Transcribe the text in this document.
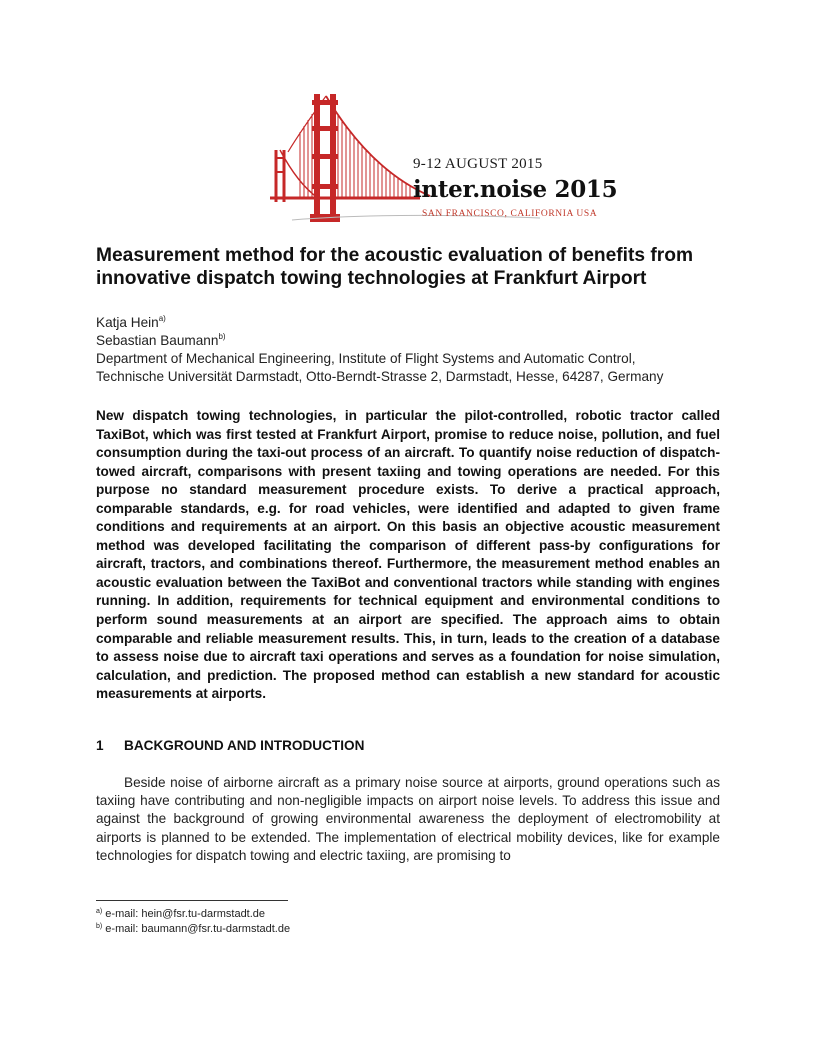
9-12 AUGUST 2015
inter.noise 2015
SAN FRANCISCO, CALIFORNIA USA
Measurement method for the acoustic evaluation of benefits from
innovative dispatch towing technologies at Frankfurt Airport
Katja Hein$^{a)}$
Sebastian Baumann$^{b)}$
Department of Mechanical Engineering, Institute of Flight Systems and Automatic Control,
Technische Universität Darmstadt, Otto-Berndt-Strasse 2, Darmstadt, Hesse, 64287, Germany

New dispatch towing technologies, in particular the pilot-controlled, robotic tractor called TaxiBot, which was first tested at Frankfurt Airport, promise to reduce noise, pollution, and fuel consumption during the taxi-out process of an aircraft. To quantify noise reduction of dispatch-towed aircraft, comparisons with present taxiing and towing operations are needed. For this purpose no standard measurement procedure exists. To derive a practical approach, comparable standards, e.g. for road vehicles, were identified and adapted to given frame conditions and requirements at an airport. On this basis an objective acoustic measurement method was developed facilitating the comparison of different pass-by configurations for aircraft, tractors, and combinations thereof. Furthermore, the measurement method enables an acoustic evaluation between the TaxiBot and conventional tractors while standing with engines running. In addition, requirements for technical equipment and environmental conditions to perform sound measurements at an airport are specified. The approach aims to obtain comparable and reliable measurement results. This, in turn, leads to the creation of a database to assess noise due to aircraft taxi operations and serves as a foundation for noise simulation, calculation, and prediction. The proposed method can establish a new standard for acoustic measurements at airports.

1 BACKGROUND AND INTRODUCTION

Beside noise of airborne aircraft as a primary noise source at airports, ground operations such as taxiing have contributing and non-negligible impacts on airport noise levels. To address this issue and against the background of growing environmental awareness the deployment of electromobility at airports is planned to be extended. The implementation of electrical mobility devices, like for example technologies for dispatch towing and electric taxiing, are promising to

$^{a)}$ e-mail: hein@fsr.tu-darmstadt.de
$^{b)}$ e-mail: baumann@fsr.tu-darmstadt.de
